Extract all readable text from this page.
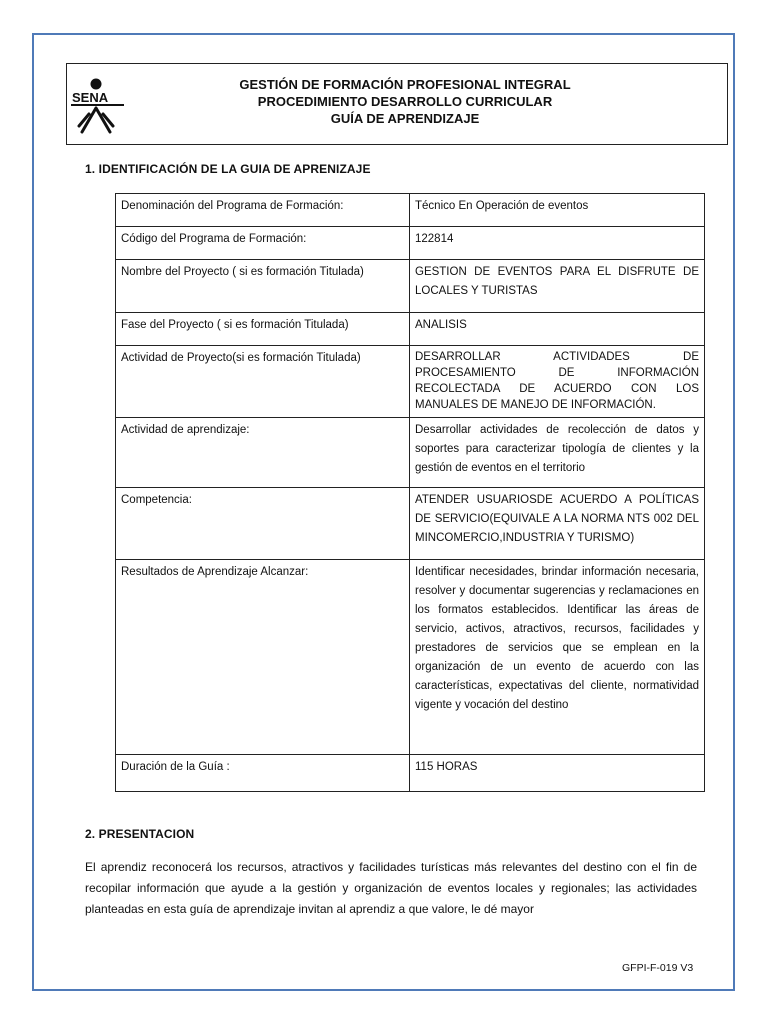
SENA
GESTIÓN DE FORMACIÓN PROFESIONAL INTEGRAL
PROCEDIMIENTO DESARROLLO CURRICULAR
GUÍA DE APRENDIZAJE
1. IDENTIFICACIÓN DE LA GUIA DE APRENIZAJE
Denominación del Programa de Formación:	Técnico En Operación de eventos
Código del Programa de Formación:	122814
Nombre del Proyecto ( si es formación Titulada)	GESTION DE EVENTOS PARA EL DISFRUTE DE LOCALES Y TURISTAS
Fase del Proyecto ( si es formación Titulada)	ANALISIS
Actividad de Proyecto(si es formación Titulada)	DESARROLLAR ACTIVIDADES DE PROCESAMIENTO DE INFORMACIÓN RECOLECTADA DE ACUERDO CON LOS MANUALES DE MANEJO DE INFORMACIÓN.
Actividad de aprendizaje:	Desarrollar actividades de recolección de datos y soportes para caracterizar tipología de clientes y la gestión de eventos en el territorio
Competencia:	ATENDER USUARIOSDE ACUERDO A POLÍTICAS DE SERVICIO(EQUIVALE A LA NORMA NTS 002 DEL MINCOMERCIO,INDUSTRIA Y TURISMO)
Resultados de Aprendizaje Alcanzar:	Identificar necesidades, brindar información necesaria, resolver y documentar sugerencias y reclamaciones en los formatos establecidos. Identificar las áreas de servicio, activos, atractivos, recursos, facilidades y prestadores de servicios que se emplean en la organización de un evento de acuerdo con las características, expectativas del cliente, normatividad vigente y vocación del destino
Duración de la Guía :	115 HORAS
2. PRESENTACION
El aprendiz reconocerá los recursos, atractivos y facilidades turísticas más relevantes del destino con el fin de recopilar información que ayude a la gestión y organización de eventos locales y regionales; las actividades planteadas en esta guía de aprendizaje invitan al aprendiz a que valore, le dé mayor
GFPI-F-019 V3
